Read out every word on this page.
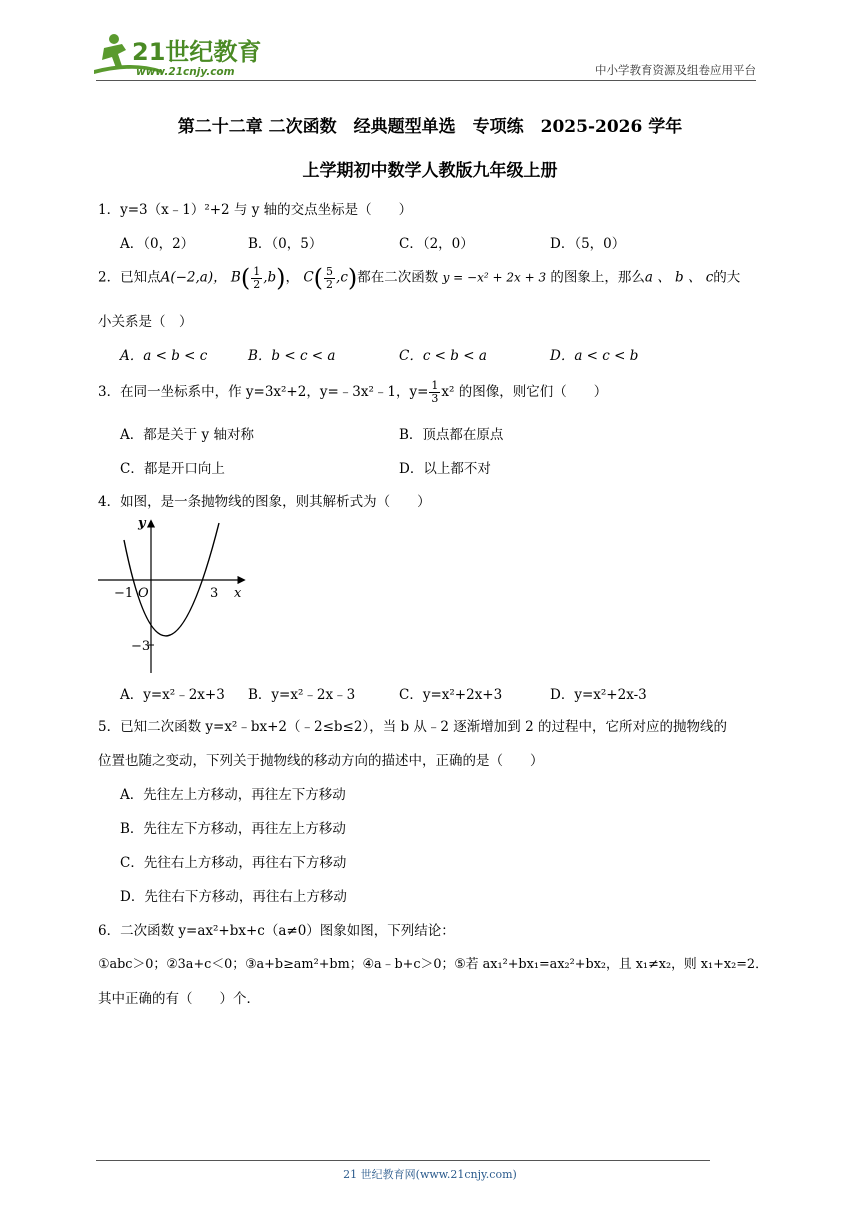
21世纪教育
www.21cnjy.com	中小学教育资源及组卷应用平台
第二十二章 二次函数　经典题型单选　专项练　2025-2026 学年
上学期初中数学人教版九年级上册
1．y=3（x﹣1）²+2 与 y 轴的交点坐标是（　　）
A．（0，2）	B．（0，5）	C．（2，0）	D．（5，0）
2．已知点A(−2,a)， $B( \frac{1}{2} ,b)$， $C( \frac{5}{2} ,c)$都在二次函数 y = −x² + 2x + 3 的图象上，那么a 、 b 、 c的大
小关系是（　）
A．a < b < c	B．b < c < a	C．c < b < a	D．a < c < b
3．在同一坐标系中，作 y=3x²+2，y=﹣3x²﹣1，$y= \frac{1}{3} x^2$ 的图像，则它们（　　）
A．都是关于 y 轴对称	B．顶点都在原点
C．都是开口向上	D．以上都不对
4．如图，是一条抛物线的图象，则其解析式为（　　）
y
x
O
−1	3
−3
A．y=x²﹣2x+3 B．y=x²﹣2x﹣3	C．y=x²+2x+3	D．y=x²+2x-3
5．已知二次函数 y=x²﹣bx+2（﹣2≤b≤2），当 b 从﹣2 逐渐增加到 2 的过程中，它所对应的抛物线的
位置也随之变动，下列关于抛物线的移动方向的描述中，正确的是（　　）
A．先往左上方移动，再往左下方移动
B．先往左下方移动，再往左上方移动
C．先往右上方移动，再往右下方移动
D．先往右下方移动，再往右上方移动
6．二次函数 y=ax²+bx+c（a≠0）图象如图，下列结论：
①abc＞0；②3a+c＜0；③a+b≥am²+bm；④a﹣b+c＞0；⑤若 ax₁²+bx₁=ax₂²+bx₂，且 x₁≠x₂，则 x₁+x₂=2．
其中正确的有（　　）个．
21 世纪教育网(www.21cnjy.com)
